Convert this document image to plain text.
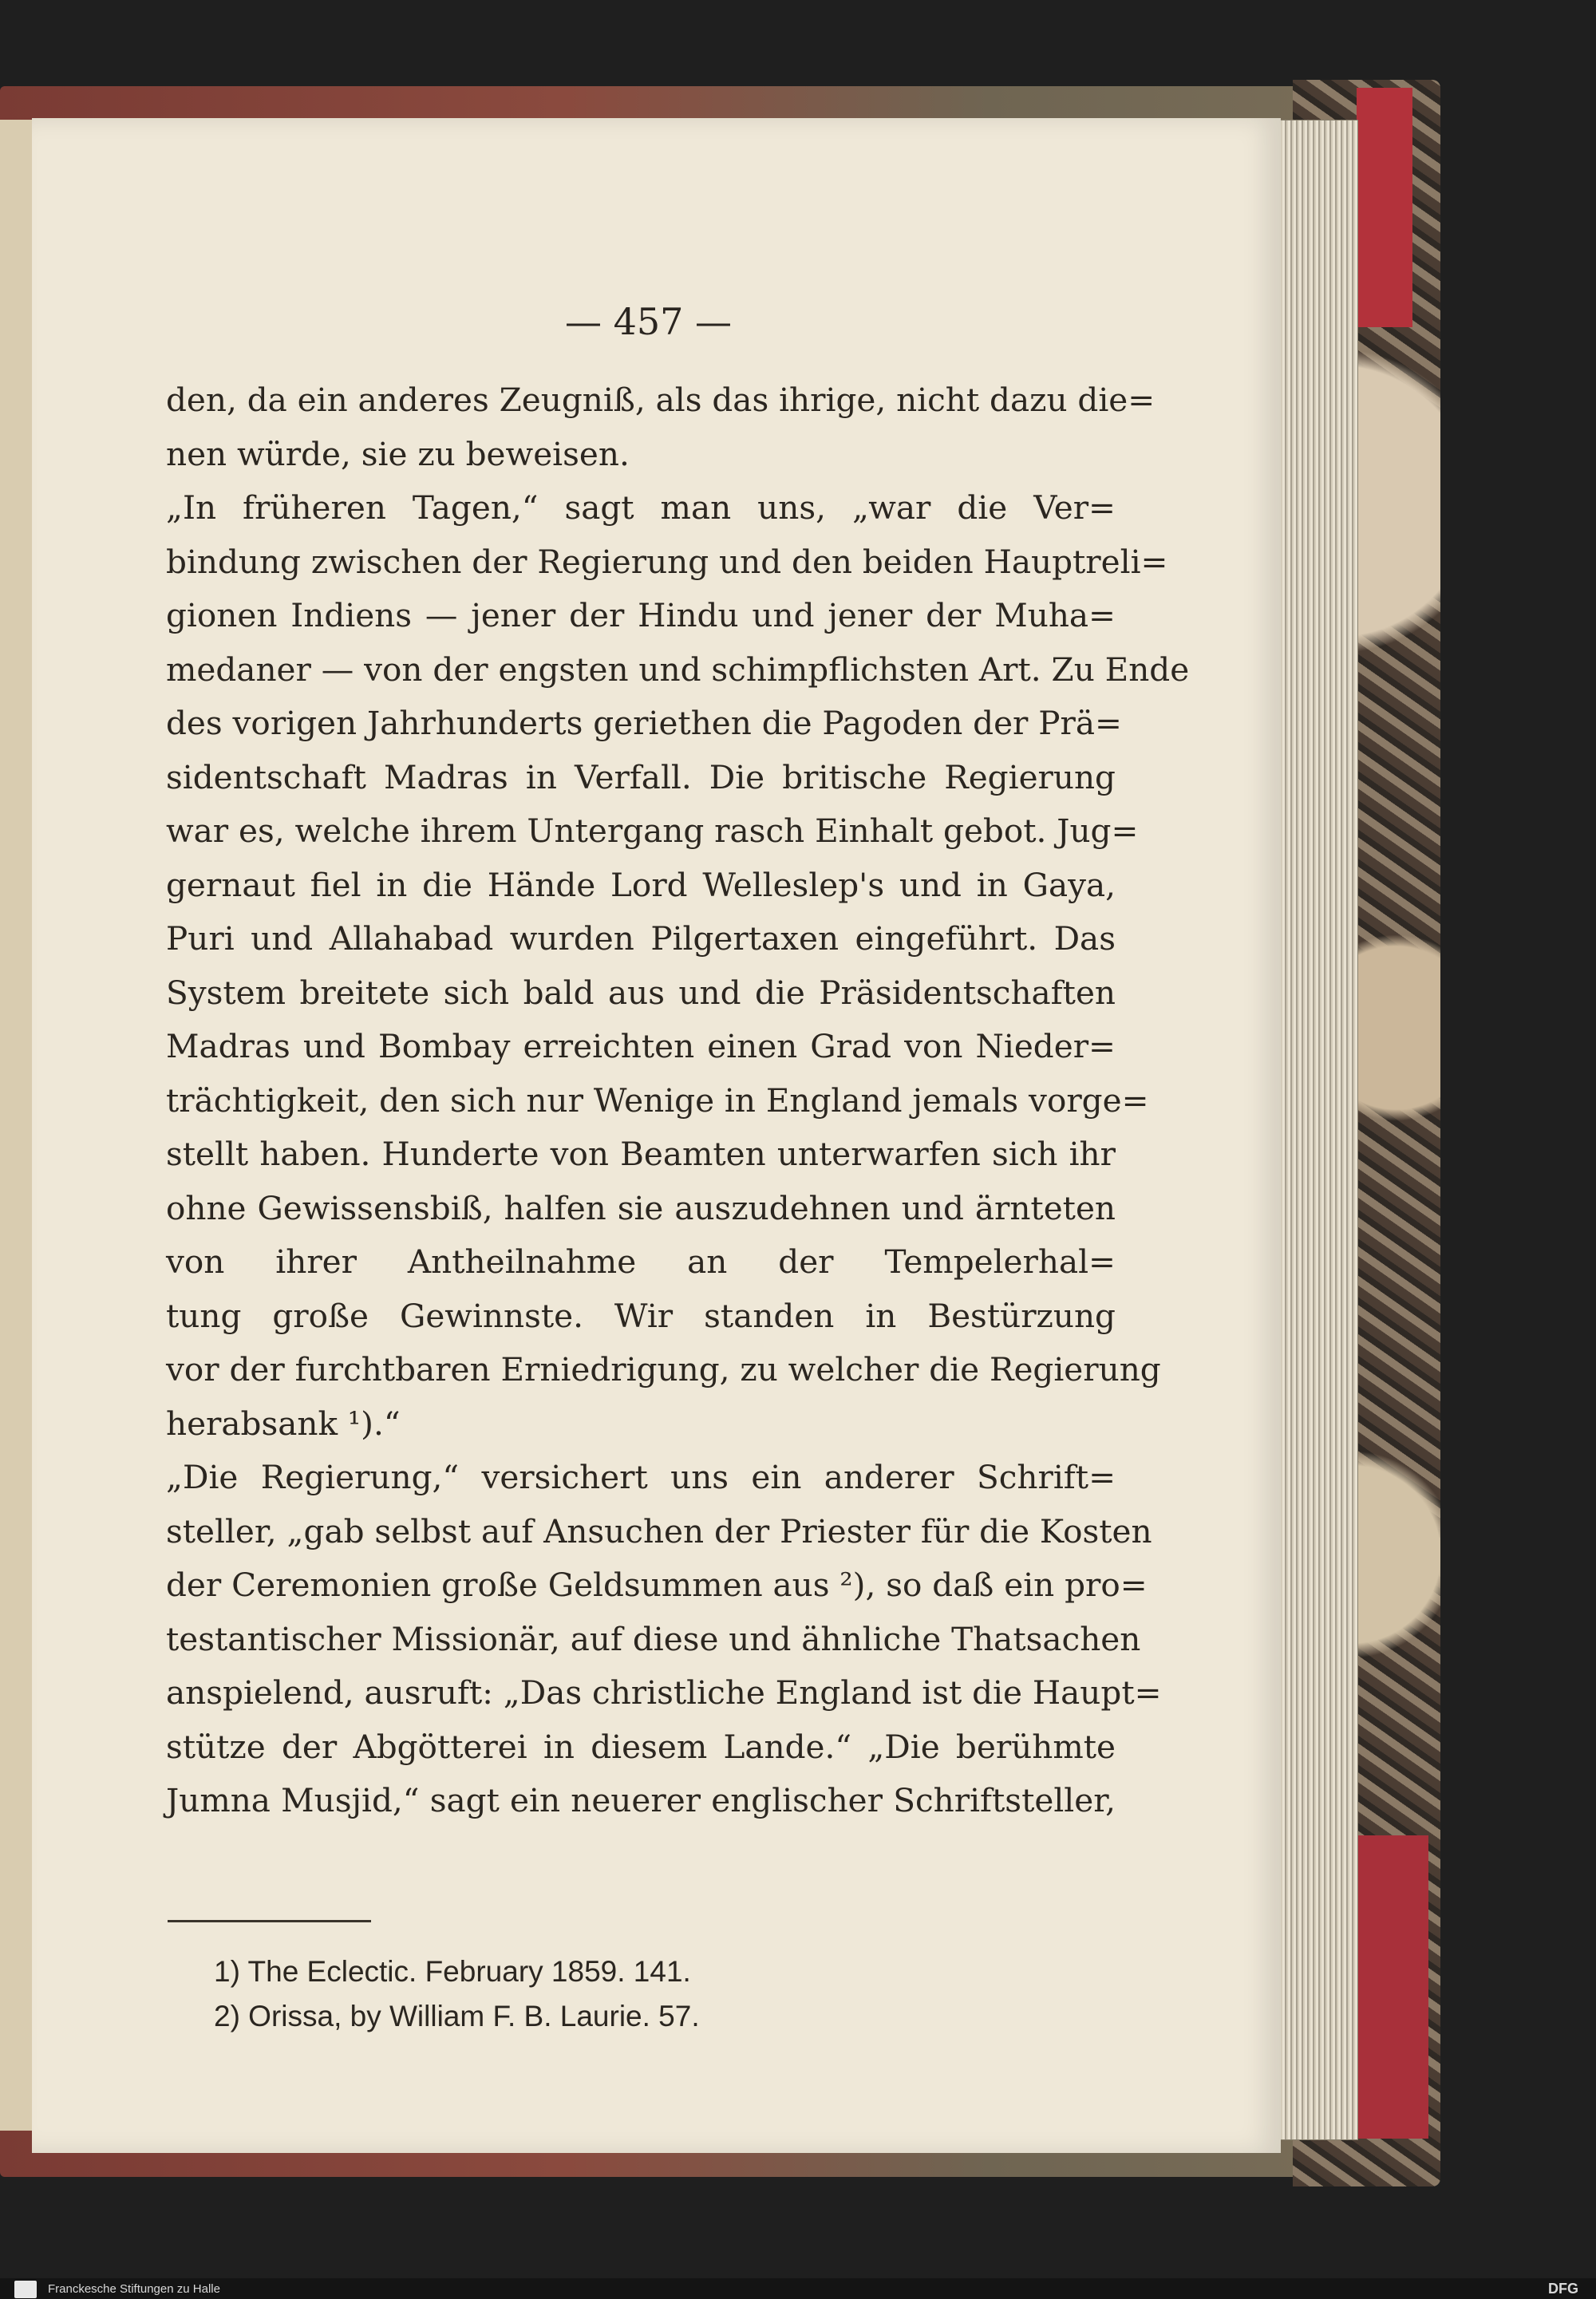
— 457 —
den, da ein anderes Zeugniß, als das ihrige, nicht dazu die=
nen würde, sie zu beweisen.
„In früheren Tagen,“ sagt man uns, „war die Ver=
bindung zwischen der Regierung und den beiden Hauptreli=
gionen Indiens — jener der Hindu und jener der Muha=
medaner — von der engsten und schimpflichsten Art. Zu Ende
des vorigen Jahrhunderts geriethen die Pagoden der Prä=
sidentschaft Madras in Verfall. Die britische Regierung
war es, welche ihrem Untergang rasch Einhalt gebot. Jug=
gernaut fiel in die Hände Lord Welleslep's und in Gaya,
Puri und Allahabad wurden Pilgertaxen eingeführt. Das
System breitete sich bald aus und die Präsidentschaften
Madras und Bombay erreichten einen Grad von Nieder=
trächtigkeit, den sich nur Wenige in England jemals vorge=
stellt haben. Hunderte von Beamten unterwarfen sich ihr
ohne Gewissensbiß, halfen sie auszudehnen und ärnteten
von ihrer Antheilnahme an der Tempelerhal=
tung große Gewinnste. Wir standen in Bestürzung
vor der furchtbaren Erniedrigung, zu welcher die Regierung
herabsank ¹).“
„Die Regierung,“ versichert uns ein anderer Schrift=
steller, „gab selbst auf Ansuchen der Priester für die Kosten
der Ceremonien große Geldsummen aus ²), so daß ein pro=
testantischer Missionär, auf diese und ähnliche Thatsachen
anspielend, ausruft: „Das christliche England ist die Haupt=
stütze der Abgötterei in diesem Lande.“ „Die berühmte
Jumna Musjid,“ sagt ein neuerer englischer Schriftsteller,
1) The Eclectic. February 1859. 141.
2) Orissa, by William F. B. Laurie. 57.
Franckesche Stiftungen zu Halle	DFG
